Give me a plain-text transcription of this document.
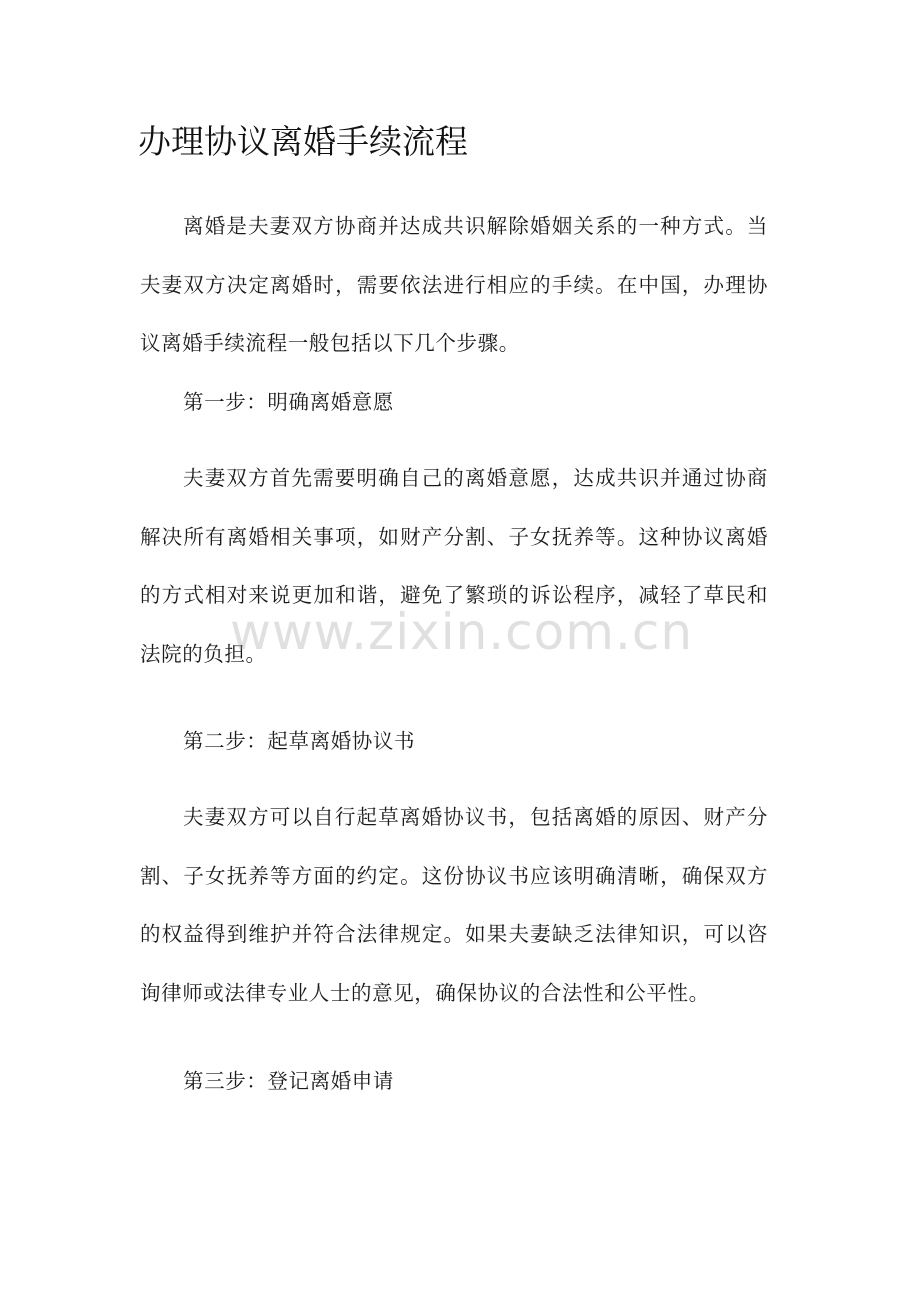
办理协议离婚手续流程

离婚是夫妻双方协商并达成共识解除婚姻关系的一种方式。当夫妻双方决定离婚时，需要依法进行相应的手续。在中国，办理协议离婚手续流程一般包括以下几个步骤。

第一步：明确离婚意愿

夫妻双方首先需要明确自己的离婚意愿，达成共识并通过协商解决所有离婚相关事项，如财产分割、子女抚养等。这种协议离婚的方式相对来说更加和谐，避免了繁琐的诉讼程序，减轻了草民和法院的负担。

第二步：起草离婚协议书

夫妻双方可以自行起草离婚协议书，包括离婚的原因、财产分割、子女抚养等方面的约定。这份协议书应该明确清晰，确保双方的权益得到维护并符合法律规定。如果夫妻缺乏法律知识，可以咨询律师或法律专业人士的意见，确保协议的合法性和公平性。

第三步：登记离婚申请

www.zixin.com.cn
